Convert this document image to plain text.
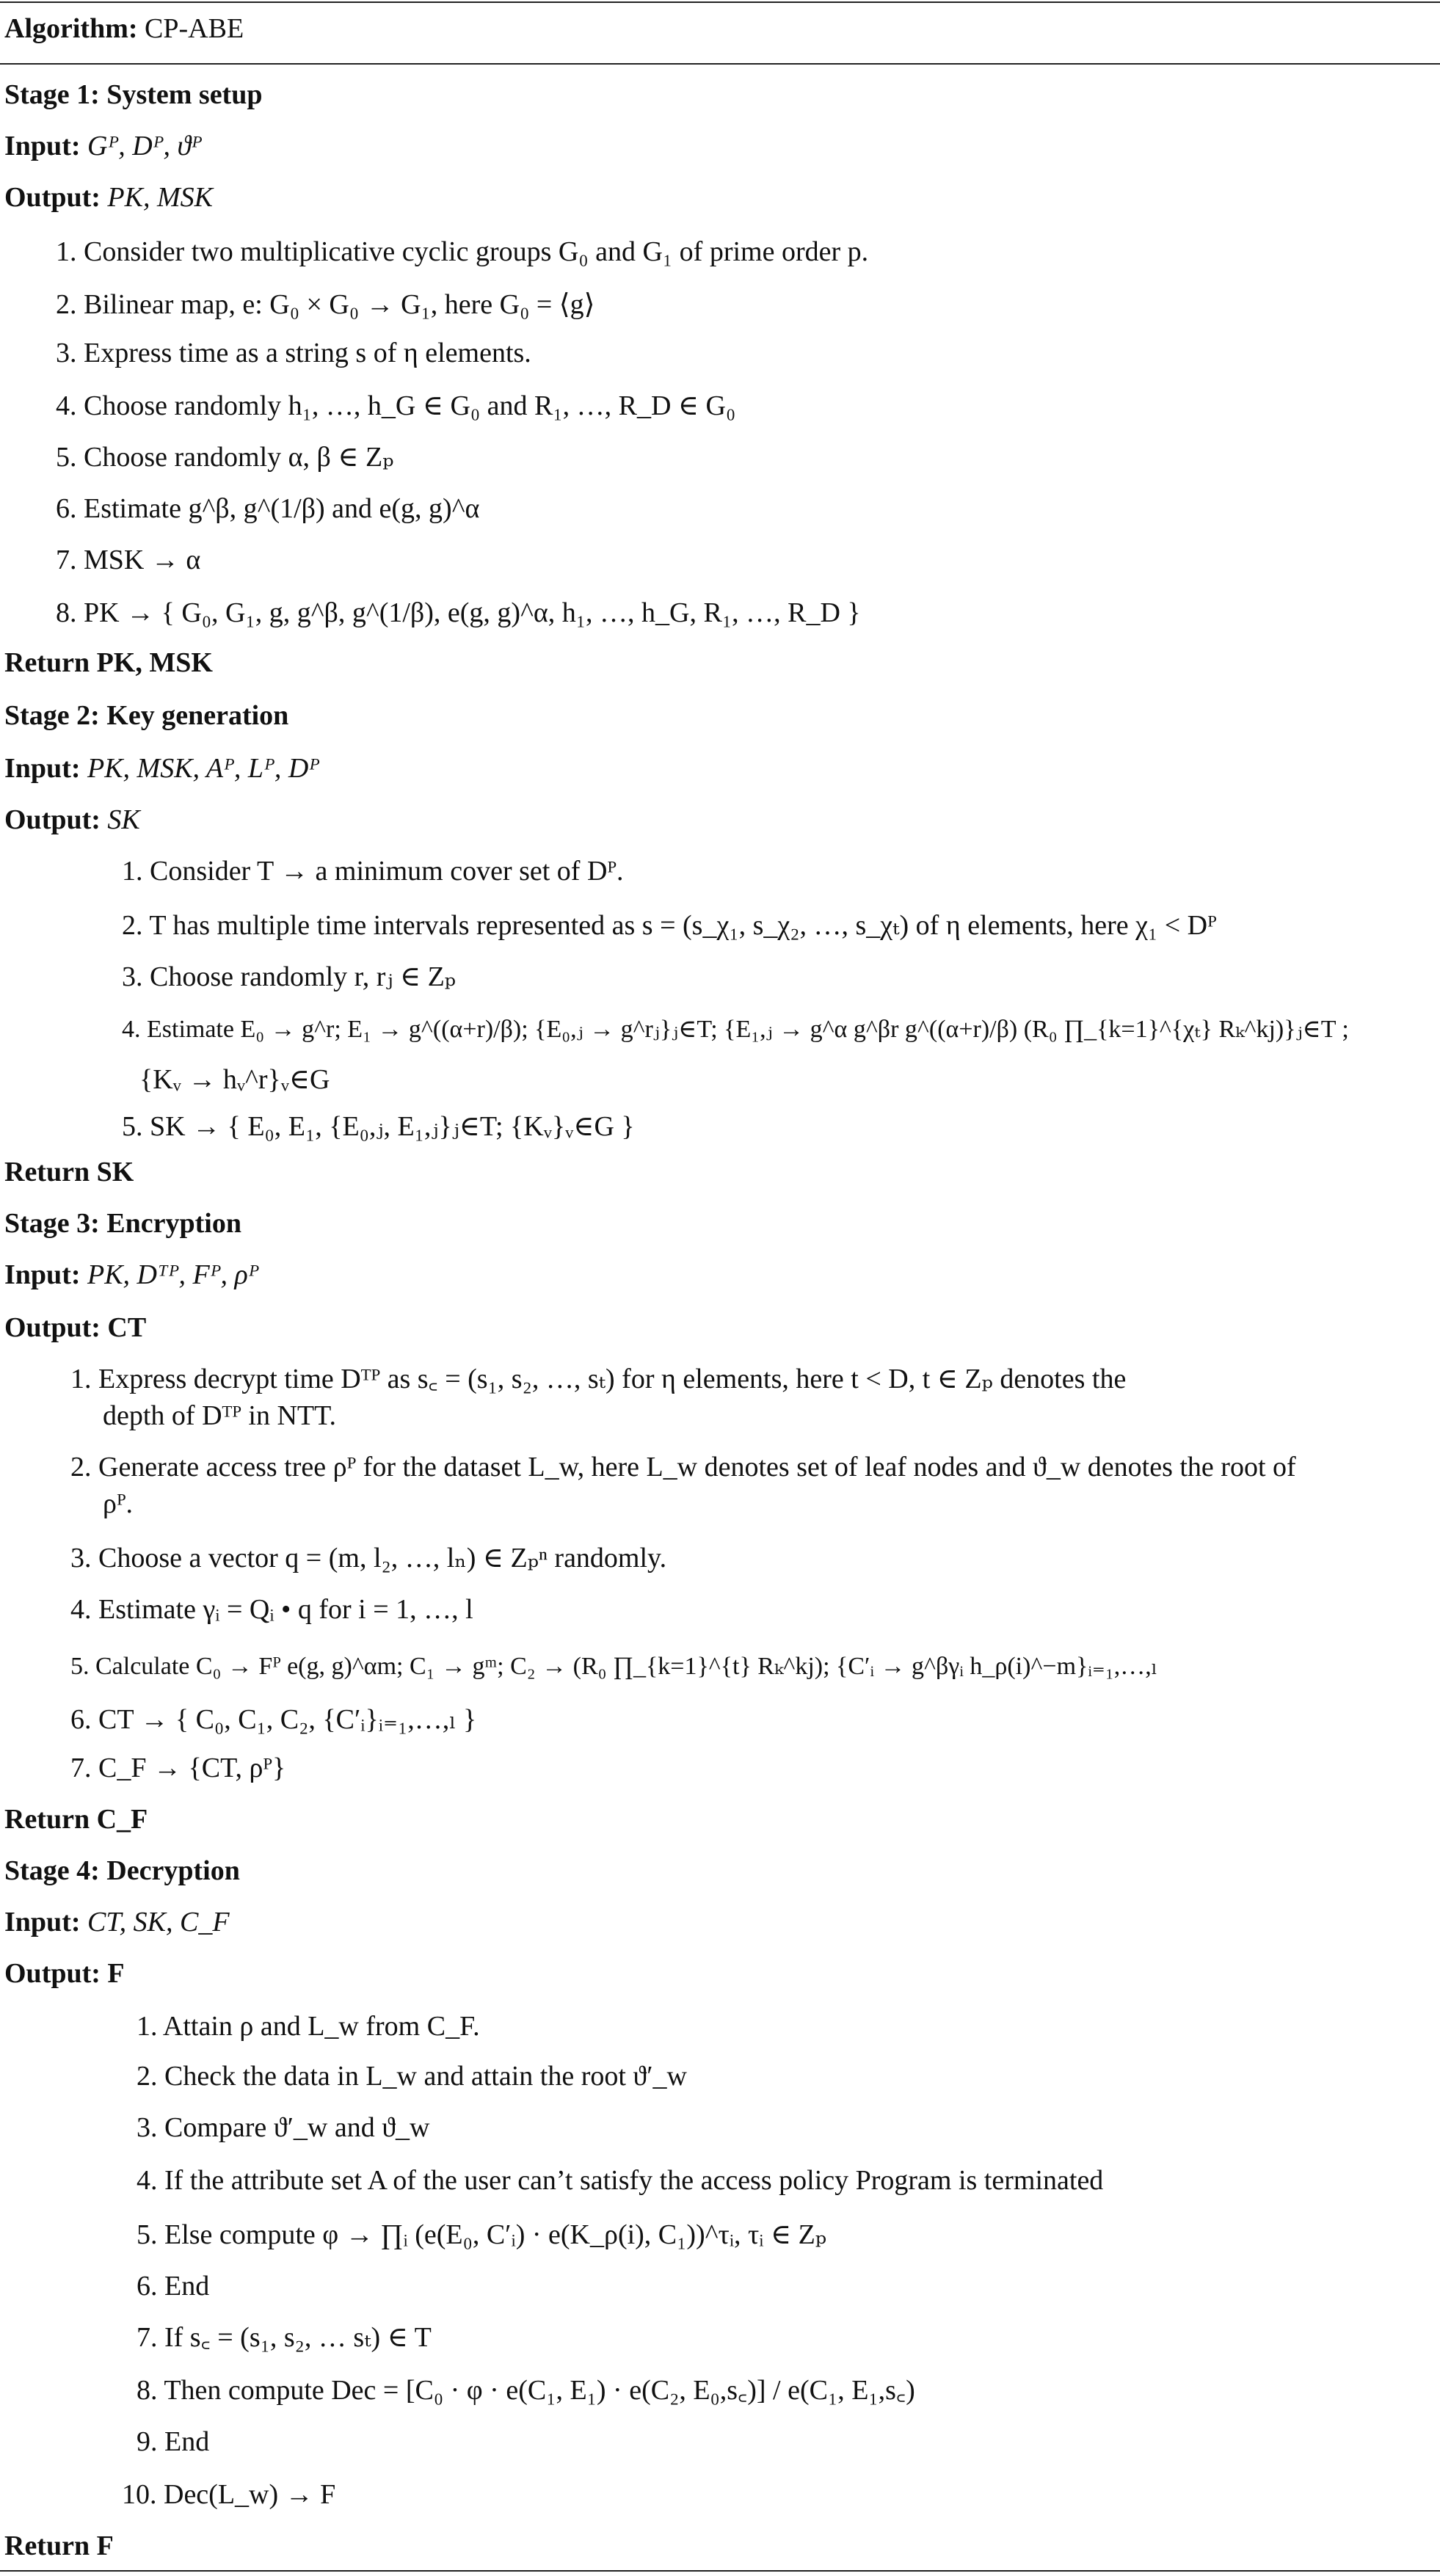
Algorithm: CP-ABE
Stage 1: System setup
Input: Gᴾ, Dᴾ, ϑᴾ
Output: PK, MSK
1. Consider two multiplicative cyclic groups G₀ and G₁ of prime order p.
2. Bilinear map, e: G₀ × G₀ → G₁, here G₀ = ⟨g⟩
3. Express time as a string s of η elements.
4. Choose randomly h₁, …, h_G ∈ G₀ and R₁, …, R_D ∈ G₀
5. Choose randomly α, β ∈ Zₚ
6. Estimate g^β, g^(1/β) and e(g, g)^α
7. MSK → α
8. PK → { G₀, G₁, g, g^β, g^(1/β), e(g, g)^α, h₁, …, h_G, R₁, …, R_D }
Return PK, MSK
Stage 2: Key generation
Input: PK, MSK, Aᴾ, Lᴾ, Dᴾ
Output: SK
1. Consider T → a minimum cover set of Dᴾ.
2. T has multiple time intervals represented as s = (s_χ₁, s_χ₂, …, s_χₜ) of η elements, here χ₁ < Dᴾ
3. Choose randomly r, rⱼ ∈ Zₚ
4. Estimate E₀ → g^r; E₁ → g^((α+r)/β); {E₀,ⱼ → g^rⱼ}ⱼ∈T; {E₁,ⱼ → g^α g^βr g^((α+r)/β) (R₀ ∏_{k=1}^{χₜ} Rₖ^kj)}ⱼ∈T ;
{Kᵥ → hᵥ^r}ᵥ∈G
5. SK → { E₀, E₁, {E₀,ⱼ, E₁,ⱼ}ⱼ∈T; {Kᵥ}ᵥ∈G }
Return SK
Stage 3: Encryption
Input: PK, Dᵀᴾ, Fᴾ, ρᴾ
Output: CT
1. Express decrypt time Dᵀᴾ as s꜀ = (s₁, s₂, …, sₜ) for η elements, here t < D, t ∈ Zₚ denotes the
depth of Dᵀᴾ in NTT.
2. Generate access tree ρᴾ for the dataset L_w, here L_w denotes set of leaf nodes and ϑ_w denotes the root of
ρᴾ.
3. Choose a vector q = (m, l₂, …, lₙ) ∈ Zₚⁿ randomly.
4. Estimate γᵢ = Qᵢ • q for i = 1, …, l
5. Calculate C₀ → Fᴾ e(g, g)^αm; C₁ → gᵐ; C₂ → (R₀ ∏_{k=1}^{t} Rₖ^kj); {C′ᵢ → g^βγᵢ h_ρ(i)^−m}ᵢ₌₁,…,ₗ
6. CT → { C₀, C₁, C₂, {C′ᵢ}ᵢ₌₁,…,ₗ }
7. C_F → {CT, ρᴾ}
Return C_F
Stage 4: Decryption
Input: CT, SK, C_F
Output: F
1. Attain ρ and L_w from C_F.
2. Check the data in L_w and attain the root ϑ′_w
3. Compare ϑ′_w and ϑ_w
4. If the attribute set A of the user can’t satisfy the access policy Program is terminated
5. Else compute φ → ∏ᵢ (e(E₀, C′ᵢ) · e(K_ρ(i), C₁))^τᵢ, τᵢ ∈ Zₚ
6. End
7. If s꜀ = (s₁, s₂, … sₜ) ∈ T
8. Then compute Dec = [C₀ · φ · e(C₁, E₁) · e(C₂, E₀,s꜀)] / e(C₁, E₁,s꜀)
9. End
10. Dec(L_w) → F
Return F
